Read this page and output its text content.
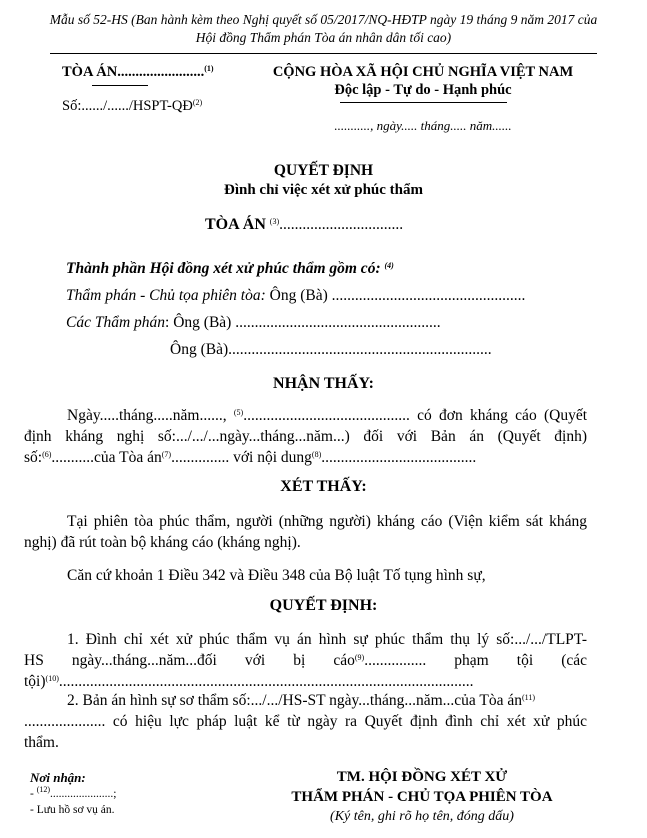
Mẫu số 52-HS (Ban hành kèm theo Nghị quyết số 05/2017/NQ-HĐTP ngày 19 tháng 9 năm 2017 của
Hội đồng Thẩm phán Tòa án nhân dân tối cao)
TÒA ÁN........................$^{(1)}$
Số:....../....../HSPT-QĐ$^{(2)}$
CỘNG HÒA XÃ HỘI CHỦ NGHĨA VIỆT NAM
Độc lập - Tự do - Hạnh phúc
..........., ngày..... tháng..... năm......
QUYẾT ĐỊNH
Đình chỉ việc xét xử phúc thẩm
TÒA ÁN $^{(3)}$................................
Thành phần Hội đồng xét xử phúc thẩm gồm có: $^{(4)}$
Thẩm phán - Chủ tọa phiên tòa: Ông (Bà) ..................................................
Các Thẩm phán: Ông (Bà) .....................................................
Ông (Bà)....................................................................
NHẬN THẤY:
Ngày.....tháng.....năm......, $^{(5)}$........................................... có đơn kháng cáo (Quyết
định kháng nghị số:.../.../...ngày...tháng...năm...) đối với Bản án (Quyết định)
số:$^{(6)}$...........của Tòa $án^{(7)}$............... với nội dung$^{(8)}$........................................
XÉT THẤY:
Tại phiên tòa phúc thẩm, người (những người) kháng cáo (Viện kiểm sát kháng nghị) đã rút toàn bộ kháng cáo (kháng nghị).
Căn cứ khoản 1 Điều 342 và Điều 348 của Bộ luật Tố tụng hình sự,
QUYẾT ĐỊNH:
1. Đình chỉ xét xử phúc thẩm vụ án hình sự phúc thẩm thụ lý số:.../.../TLPT-
HS ngày...tháng...năm...đối với bị cáo$^{(9)}$................ phạm tội (các
tội)$^{(10)}$...........................................................................................................
2. Bản án hình sự sơ thẩm số:.../.../HS-ST ngày...tháng...năm...của Tòa $án^{(11)}$
..................... có hiệu lực pháp luật kể từ ngày ra Quyết định đình chỉ xét xử phúc
thẩm.
Nơi nhận:
- $^{(12)}$......................;
- Lưu hồ sơ vụ án.
TM. HỘI ĐỒNG XÉT XỬ
THẨM PHÁN - CHỦ TỌA PHIÊN TÒA
(Ký tên, ghi rõ họ tên, đóng dấu)
